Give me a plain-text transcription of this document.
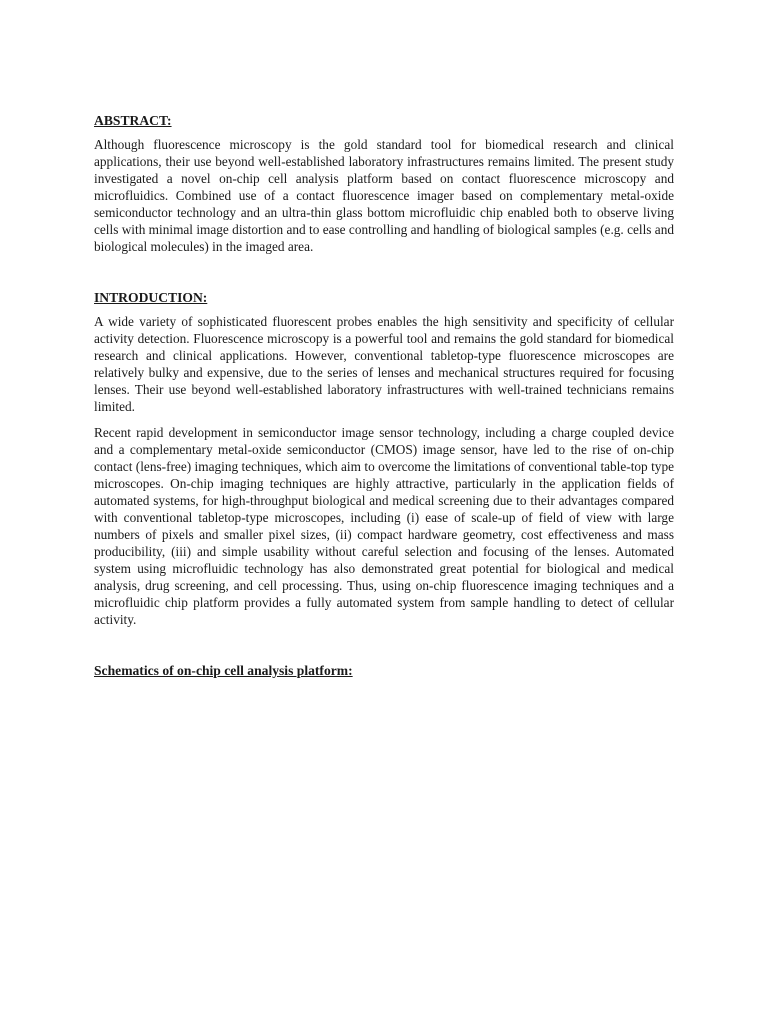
ABSTRACT:

Although fluorescence microscopy is the gold standard tool for biomedical research and clinical applications, their use beyond well-established laboratory infrastructures remains limited. The present study investigated a novel on-chip cell analysis platform based on contact fluorescence microscopy and microfluidics. Combined use of a contact fluorescence imager based on complementary metal-oxide semiconductor technology and an ultra-thin glass bottom microfluidic chip enabled both to observe living cells with minimal image distortion and to ease controlling and handling of biological samples (e.g. cells and biological molecules) in the imaged area.

INTRODUCTION:

A wide variety of sophisticated fluorescent probes enables the high sensitivity and specificity of cellular activity detection. Fluorescence microscopy is a powerful tool and remains the gold standard for biomedical research and clinical applications. However, conventional tabletop-type fluorescence microscopes are relatively bulky and expensive, due to the series of lenses and mechanical structures required for focusing lenses. Their use beyond well-established laboratory infrastructures with well-trained technicians remains limited.

Recent rapid development in semiconductor image sensor technology, including a charge coupled device and a complementary metal-oxide semiconductor (CMOS) image sensor, have led to the rise of on-chip contact (lens-free) imaging techniques, which aim to overcome the limitations of conventional table-top type microscopes. On-chip imaging techniques are highly attractive, particularly in the application fields of automated systems, for high-throughput biological and medical screening due to their advantages compared with conventional tabletop-type microscopes, including (i) ease of scale-up of field of view with large numbers of pixels and smaller pixel sizes, (ii) compact hardware geometry, cost effectiveness and mass producibility, (iii) and simple usability without careful selection and focusing of the lenses. Automated system using microfluidic technology has also demonstrated great potential for biological and medical analysis, drug screening, and cell processing. Thus, using on-chip fluorescence imaging techniques and a microfluidic chip platform provides a fully automated system from sample handling to detect of cellular activity.

Schematics of on-chip cell analysis platform:
